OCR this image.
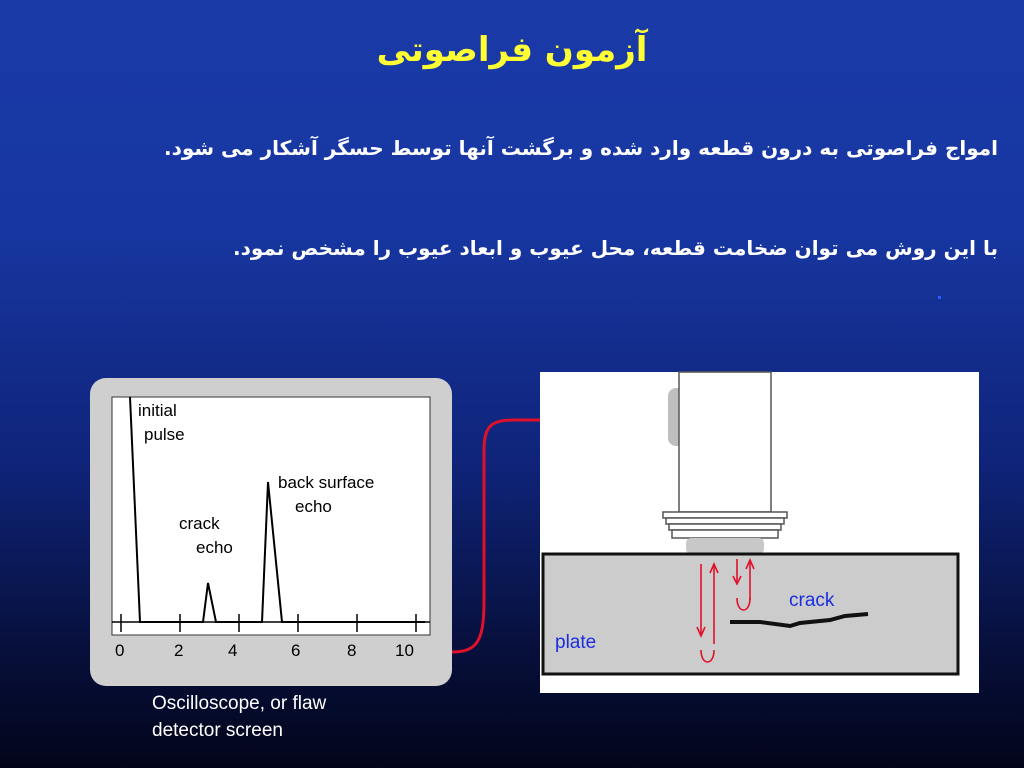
آزمون فراصوتی
امواج فراصوتی به درون قطعه وارد شده و برگشت آنها توسط حسگر آشکار می شود.
با این روش می توان ضخامت قطعه، محل عیوب و ابعاد عیوب را مشخص نمود.
initial
pulse
crack
echo
back surface
echo
0	2	4	6	8 10
crack
plate
Oscilloscope, or flaw
detector screen
